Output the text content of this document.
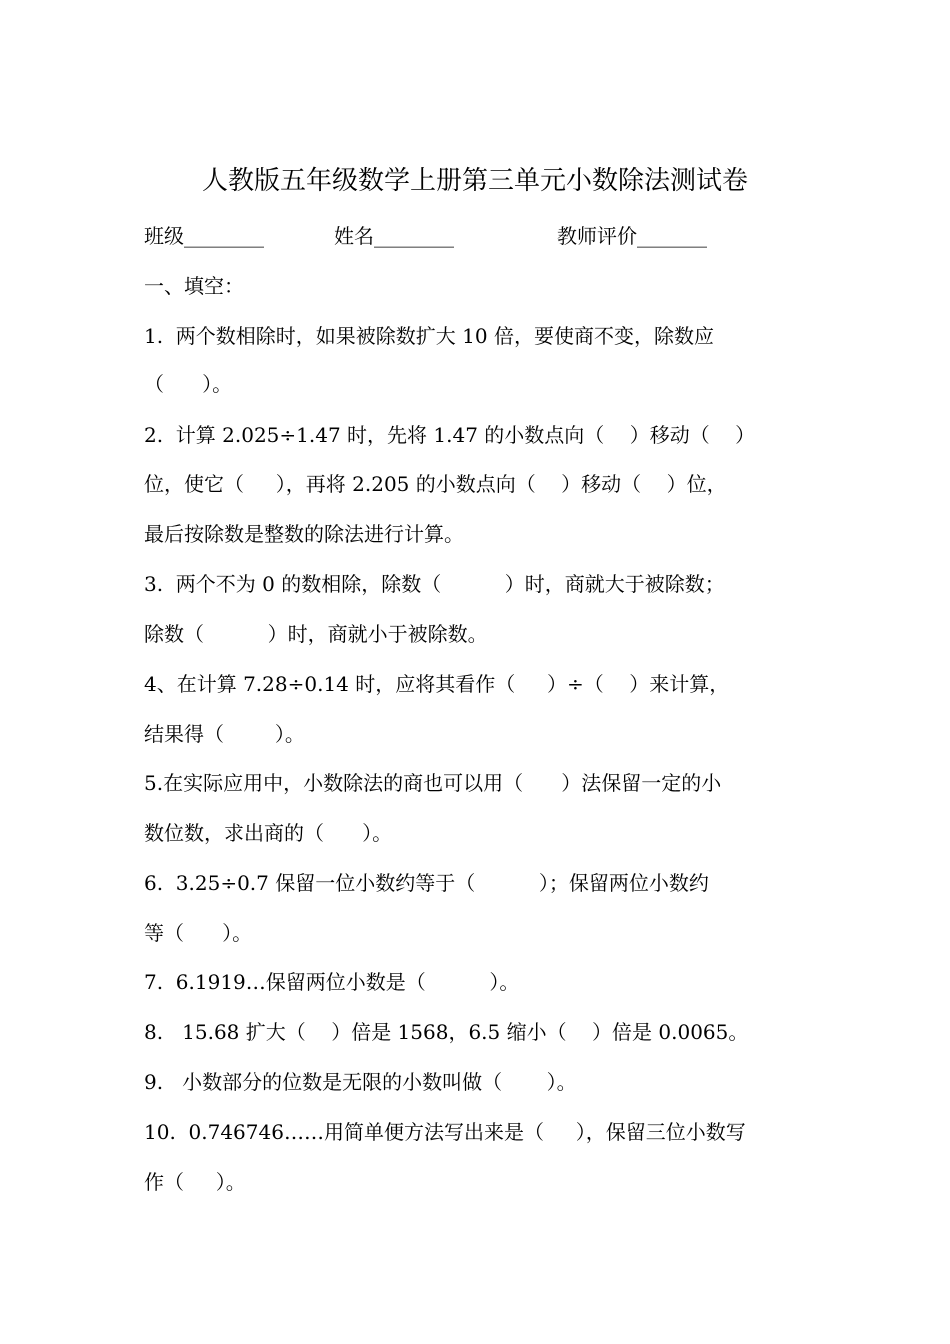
人教版五年级数学上册第三单元小数除法测试卷
班级________	姓名________	教师评价_______
一、填空：
1.  两个数相除时，如果被除数扩大 10 倍，要使商不变，除数应
（      ）。
2.  计算 2.025÷1.47 时，先将 1.47 的小数点向（    ）移动（    ）
位，使它（     ），再将 2.205 的小数点向（    ）移动（    ）位，
最后按除数是整数的除法进行计算。
3.  两个不为 0 的数相除，除数（          ）时，商就大于被除数；
除数（          ）时，商就小于被除数。
4、在计算 7.28÷0.14 时，应将其看作（     ）÷（    ）来计算，
结果得（        ）。
5.在实际应用中，小数除法的商也可以用（      ）法保留一定的小
数位数，求出商的（      ）。
6.  3.25÷0.7 保留一位小数约等于（          ）；保留两位小数约
等（      ）。
7.  6.1919…保留两位小数是（          ）。
8.   15.68 扩大（    ）倍是 1568，6.5 缩小（    ）倍是 0.0065。
9.   小数部分的位数是无限的小数叫做（       ）。
10.  0.746746……用简单便方法写出来是（     ），保留三位小数写
作（     ）。
